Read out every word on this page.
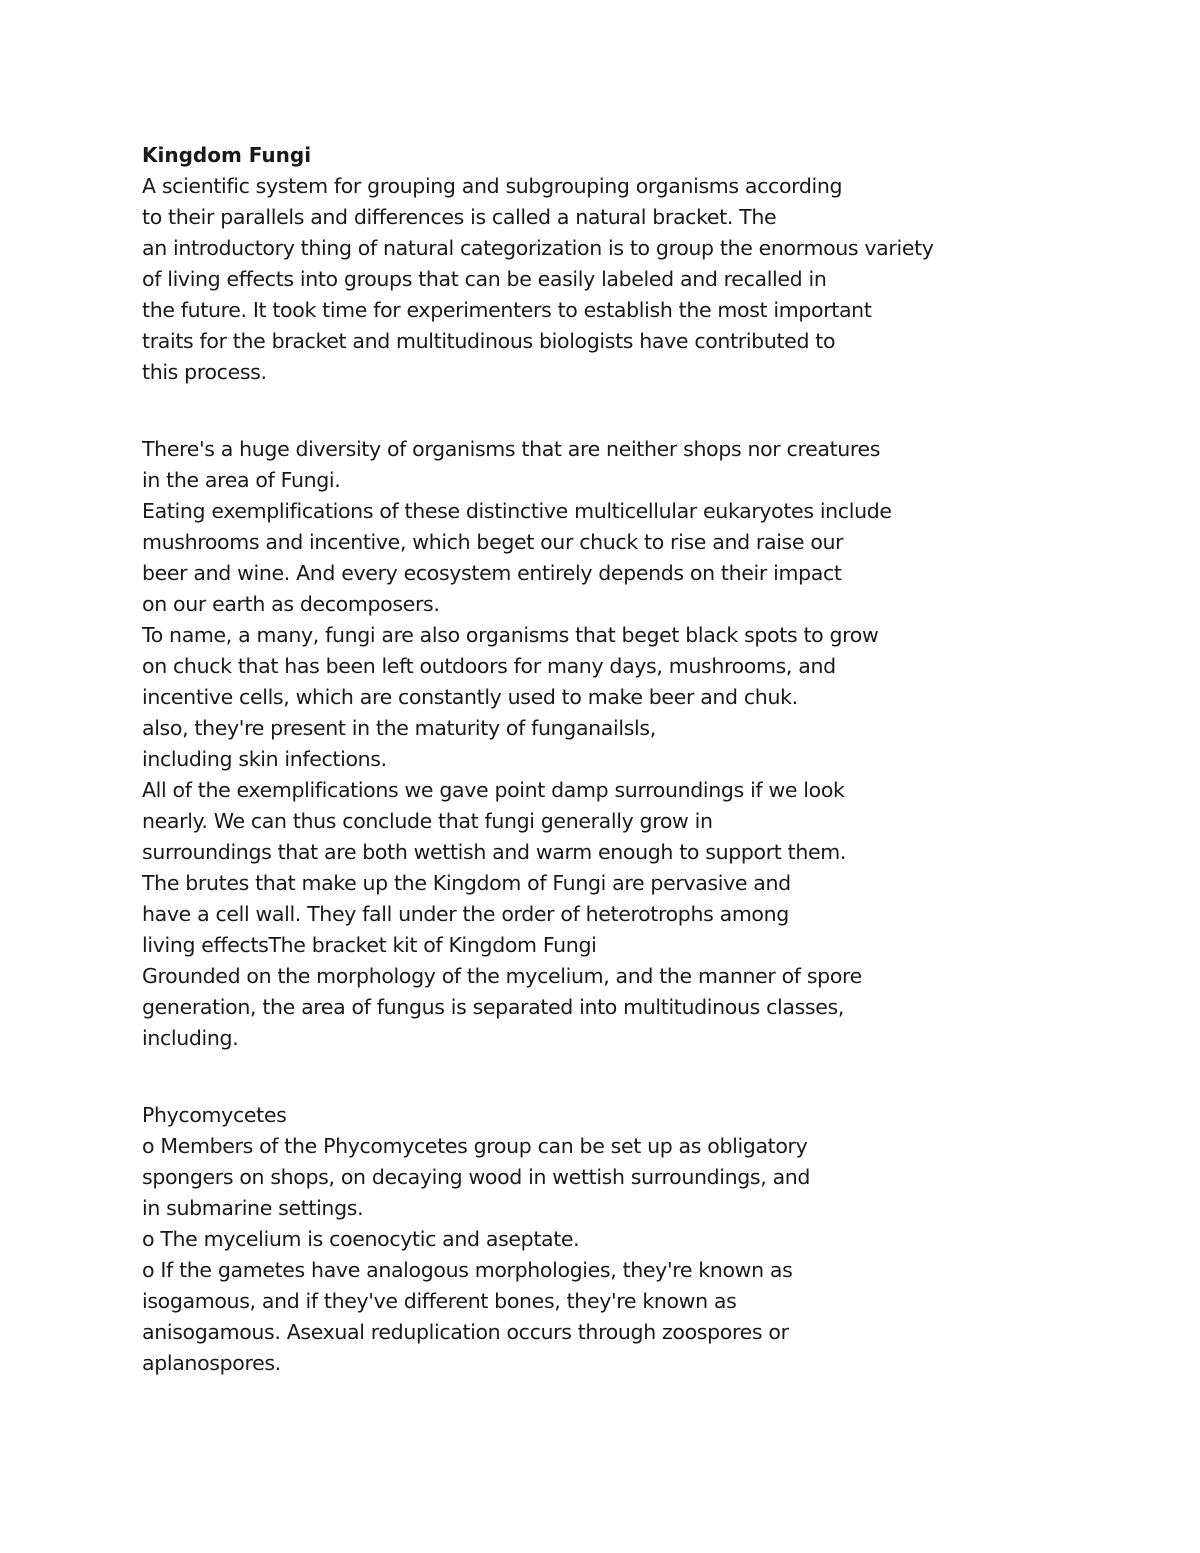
Kingdom Fungi

A scientific system for grouping and subgrouping organisms according

to their parallels and differences is called a natural bracket. The

an introductory thing of natural categorization is to group the enormous variety

of living effects into groups that can be easily labeled and recalled in

the future. It took time for experimenters to establish the most important

traits for the bracket and multitudinous biologists have contributed to

this process.

There's a huge diversity of organisms that are neither shops nor creatures

in the area of Fungi.

Eating exemplifications of these distinctive multicellular eukaryotes include

mushrooms and incentive, which beget our chuck to rise and raise our

beer and wine. And every ecosystem entirely depends on their impact

on our earth as decomposers.

To name, a many, fungi are also organisms that beget black spots to grow

on chuck that has been left outdoors for many days, mushrooms, and

incentive cells, which are constantly used to make beer and chuk.

also, they're present in the maturity of funganailsls,

including skin infections.

All of the exemplifications we gave point damp surroundings if we look

nearly. We can thus conclude that fungi generally grow in

surroundings that are both wettish and warm enough to support them.

The brutes that make up the Kingdom of Fungi are pervasive and

have a cell wall. They fall under the order of heterotrophs among

living effectsThe bracket kit of Kingdom Fungi

Grounded on the morphology of the mycelium, and the manner of spore

generation, the area of fungus is separated into multitudinous classes,

including.

Phycomycetes

o Members of the Phycomycetes group can be set up as obligatory

spongers on shops, on decaying wood in wettish surroundings, and

in submarine settings.

o The mycelium is coenocytic and aseptate.

o If the gametes have analogous morphologies, they're known as

isogamous, and if they've different bones, they're known as

anisogamous. Asexual reduplication occurs through zoospores or

aplanospores.
